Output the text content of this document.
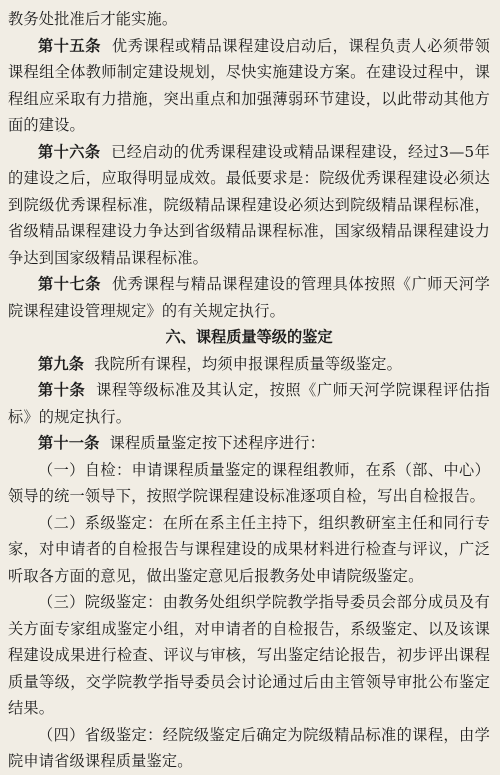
教务处批准后才能实施。

第十五条 优秀课程或精品课程建设启动后，课程负责人必须带领课程组全体教师制定建设规划，尽快实施建设方案。在建设过程中，课程组应采取有力措施，突出重点和加强薄弱环节建设，以此带动其他方面的建设。

第十六条 已经启动的优秀课程建设或精品课程建设，经过3—5年的建设之后，应取得明显成效。最低要求是：院级优秀课程建设必须达到院级优秀课程标准，院级精品课程建设必须达到院级精品课程标准，省级精品课程建设力争达到省级精品课程标准，国家级精品课程建设力争达到国家级精品课程标准。

第十七条 优秀课程与精品课程建设的管理具体按照《广师天河学院课程建设管理规定》的有关规定执行。

六、课程质量等级的鉴定

第九条 我院所有课程，均须申报课程质量等级鉴定。

第十条 课程等级标准及其认定，按照《广师天河学院课程评估指标》的规定执行。

第十一条 课程质量鉴定按下述程序进行：

（一）自检：申请课程质量鉴定的课程组教师，在系（部、中心）领导的统一领导下，按照学院课程建设标准逐项自检，写出自检报告。

（二）系级鉴定：在所在系主任主持下，组织教研室主任和同行专家，对申请者的自检报告与课程建设的成果材料进行检查与评议，广泛听取各方面的意见，做出鉴定意见后报教务处申请院级鉴定。

（三）院级鉴定：由教务处组织学院教学指导委员会部分成员及有关方面专家组成鉴定小组，对申请者的自检报告，系级鉴定、以及该课程建设成果进行检查、评议与审核，写出鉴定结论报告，初步评出课程质量等级，交学院教学指导委员会讨论通过后由主管领导审批公布鉴定结果。

（四）省级鉴定：经院级鉴定后确定为院级精品标准的课程，由学院申请省级课程质量鉴定。
